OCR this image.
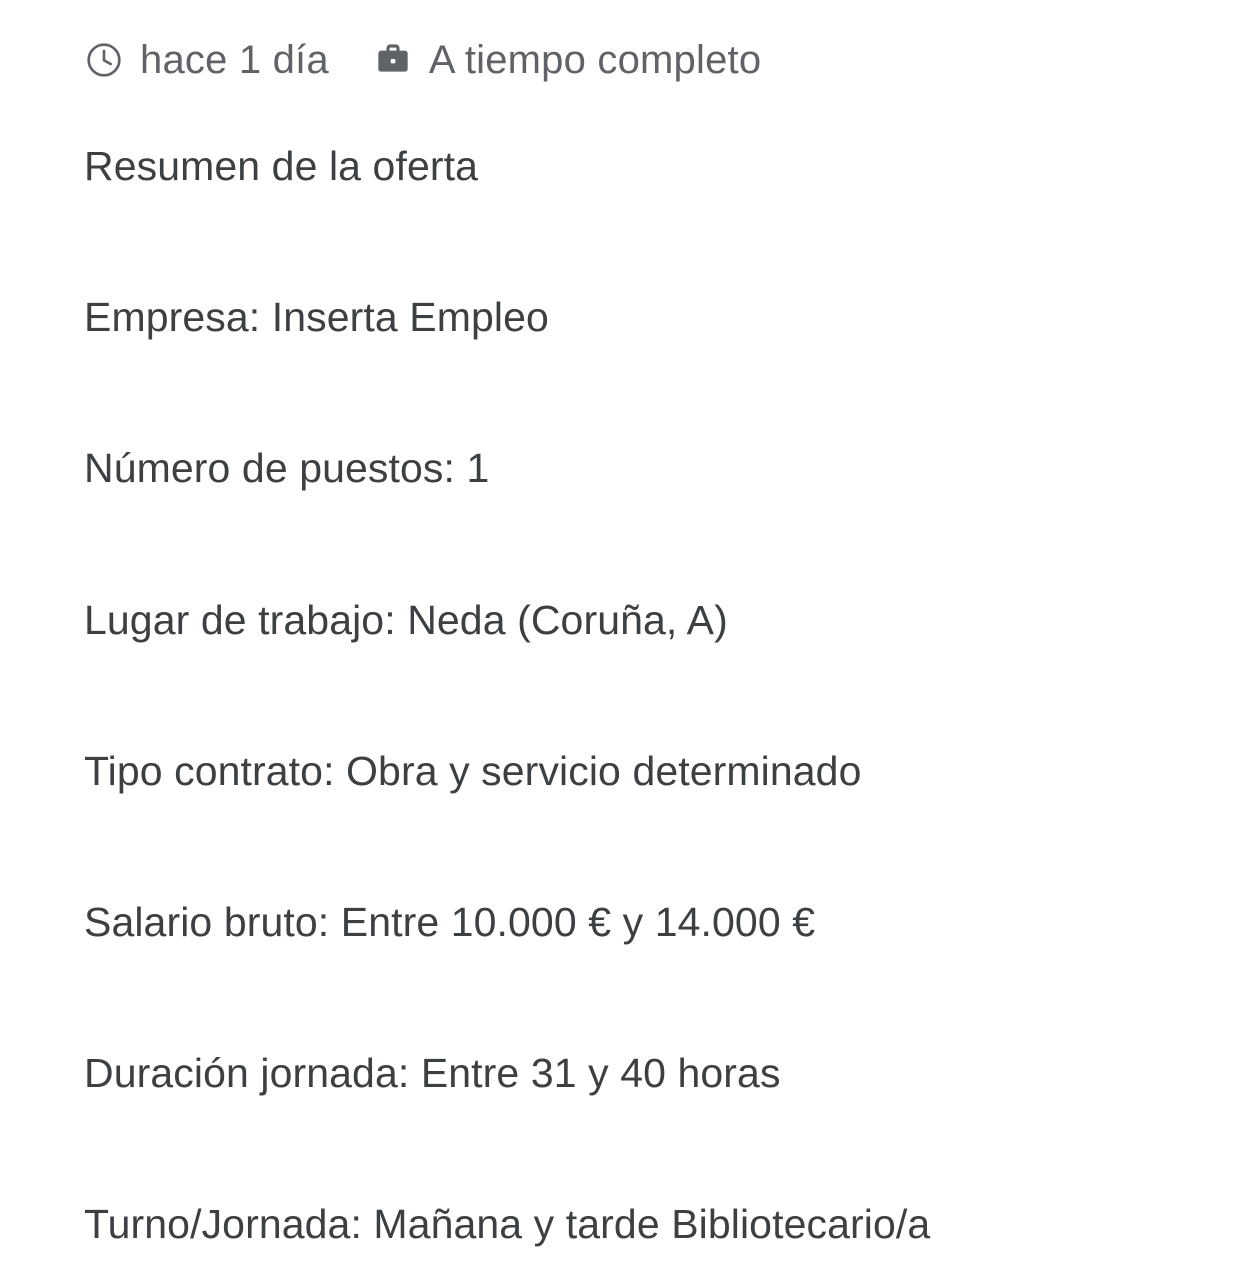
hace 1 día	A tiempo completo

Resumen de la oferta

Empresa: Inserta Empleo

Número de puestos: 1

Lugar de trabajo: Neda (Coruña, A)

Tipo contrato: Obra y servicio determinado

Salario bruto: Entre 10.000 € y 14.000 €

Duración jornada: Entre 31 y 40 horas

Turno/Jornada: Mañana y tarde Bibliotecario/a
